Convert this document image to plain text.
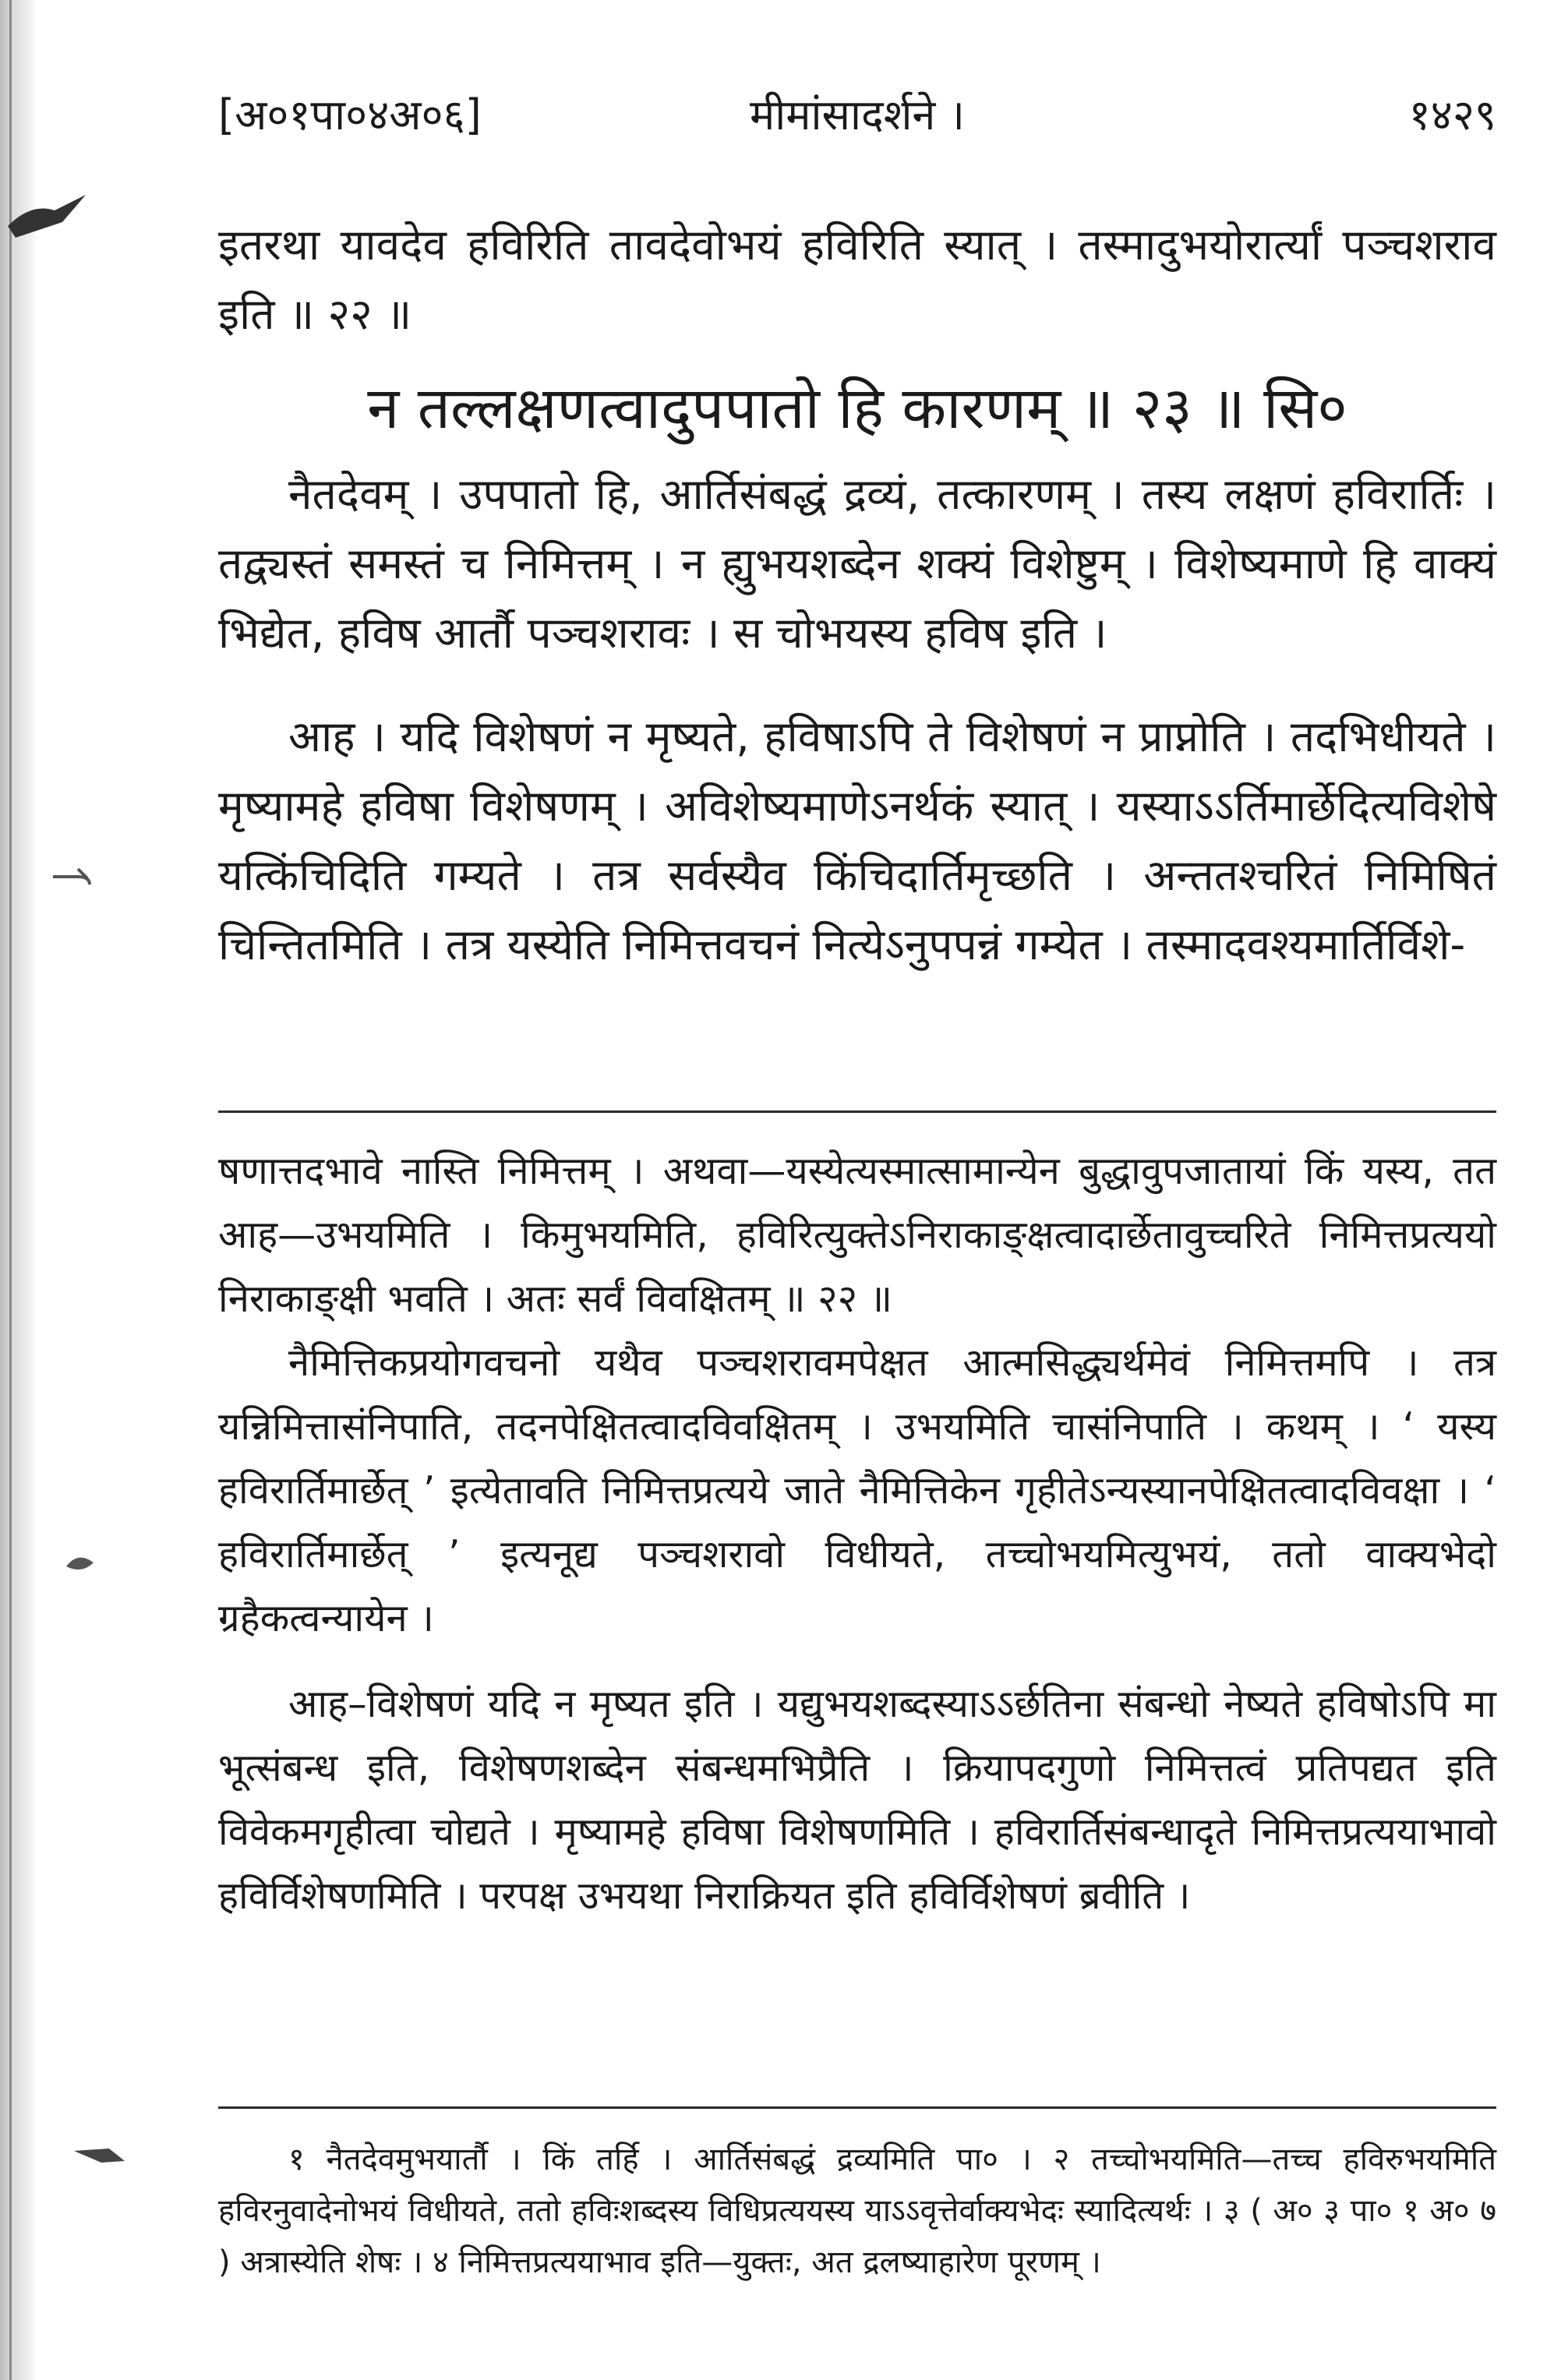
[अ०१पा०४अ०६]	मीमांसादर्शने ।	१४२९

इतरथा यावदेव हविरिति तावदेवोभयं हविरिति स्यात् । तस्मादुभयोरार्त्यां पञ्चशराव इति ॥ २२ ॥

न तल्लक्षणत्वादुपपातो हि कारणम् ॥ २३ ॥ सि०

नैतदेवम् । उपपातो हि, आर्तिसंबद्धं द्रव्यं, तत्कारणम् । तस्य लक्षणं हविरार्तिः । तद्व्यस्तं समस्तं च निमित्तम् । न ह्युभयशब्देन शक्यं विशेष्टुम् । विशेष्यमाणे हि वाक्यं भिद्येत, हविष आर्तौ पञ्चशरावः । स चोभयस्य हविष इति ।

आह । यदि विशेषणं न मृष्यते, हविषाऽपि ते विशेषणं न प्राप्नोति । तदभिधीयते । मृष्यामहे हविषा विशेषणम् । अविशेष्यमाणेऽनर्थकं स्यात् । यस्याऽऽर्तिमार्छेदित्यविशेषे यत्किंचिदिति गम्यते । तत्र सर्वस्यैव किंचिदार्तिमृच्छति । अन्ततश्चरितं निमिषितं चिन्तितमिति । तत्र यस्येति निमित्तवचनं नित्येऽनुपपन्नं गम्येत । तस्मादवश्यमार्तिर्विशे-

षणात्तदभावे नास्ति निमित्तम् । अथवा—यस्येत्यस्मात्सामान्येन बुद्धावुपजातायां किं यस्य, तत आह—उभयमिति । किमुभयमिति, हविरित्युक्तेऽनिराकाङ्क्षत्वादार्छेतावुच्चरिते निमित्तप्रत्ययो निराकाङ्क्षी भवति । अतः सर्वं विवक्षितम् ॥ २२ ॥

नैमित्तिकप्रयोगवचनो यथैव पञ्चशरावमपेक्षत आत्मसिद्ध्यर्थमेवं निमित्तमपि । तत्र यन्निमित्तासंनिपाति, तदनपेक्षितत्वादविवक्षितम् । उभयमिति चासंनिपाति । कथम् । ‘ यस्य हविरार्तिमार्छेत् ’ इत्येतावति निमित्तप्रत्यये जाते नैमित्तिकेन गृहीतेऽन्यस्यानपेक्षितत्वादविवक्षा । ‘ हविरार्तिमार्छेत् ’ इत्यनूद्य पञ्चशरावो विधीयते, तच्चोभयमित्युभयं, ततो वाक्यभेदो ग्रहैकत्वन्यायेन ।

आह–विशेषणं यदि न मृष्यत इति । यद्युभयशब्दस्याऽऽर्छतिना संबन्धो नेष्यते हविषोऽपि मा भूत्संबन्ध इति, विशेषणशब्देन संबन्धमभिप्रैति । क्रियापदगुणो निमित्तत्वं प्रतिपद्यत इति विवेकमगृहीत्वा चोद्यते । मृष्यामहे हविषा विशेषणमिति । हविरार्तिसंबन्धादृते निमित्तप्रत्ययाभावो हविर्विशेषणमिति । परपक्ष उभयथा निराक्रियत इति हविर्विशेषणं ब्रवीति ।

१ नैतदेवमुभयार्तौ । किं तर्हि । आर्तिसंबद्धं द्रव्यमिति पा० । २ तच्चोभयमिति—तच्च हविरुभयमिति हविरनुवादेनोभयं विधीयते, ततो हविःशब्दस्य विधिप्रत्ययस्य याऽऽवृत्तेर्वाक्यभेदः स्यादित्यर्थः । ३ ( अ० ३ पा० १ अ० ७ ) अत्रास्येति शेषः । ४ निमित्तप्रत्ययाभाव इति—युक्तः, अत द्रलष्याहारेण पूरणम् ।
